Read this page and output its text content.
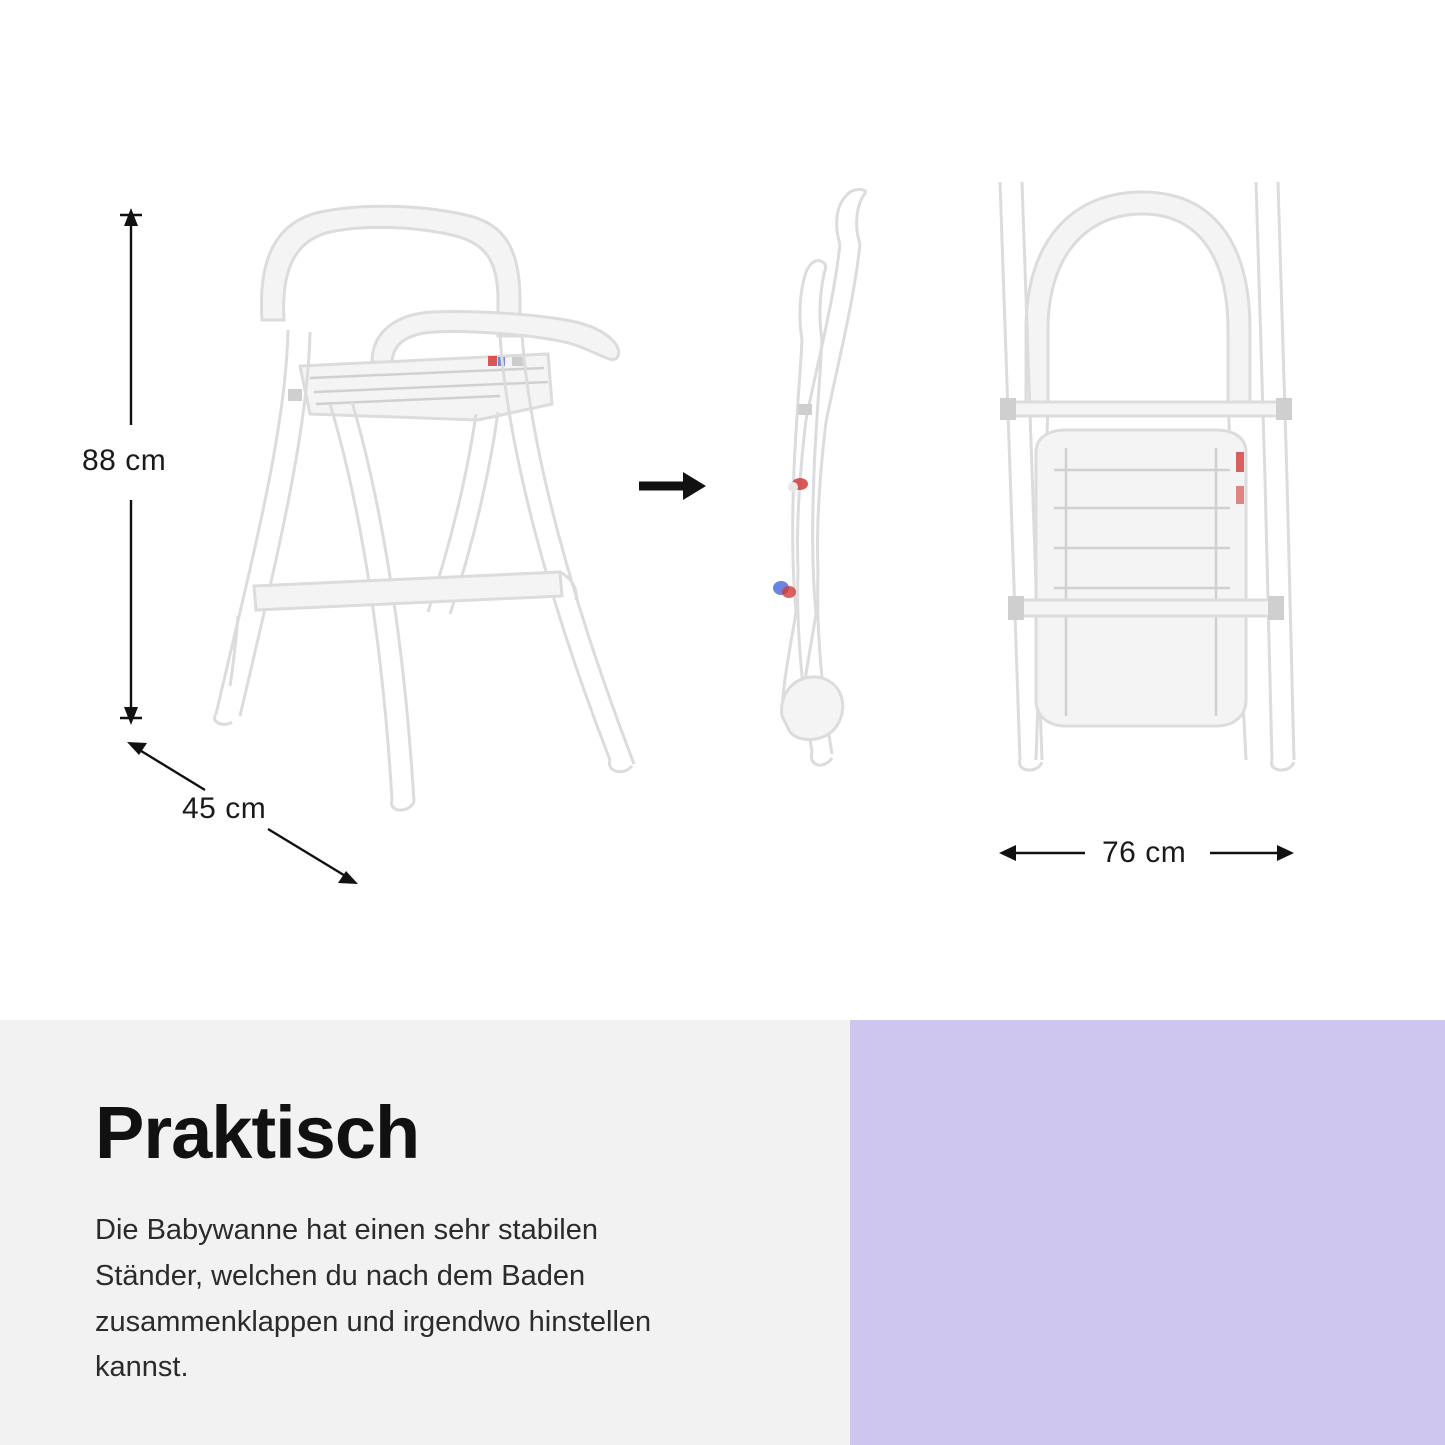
88 cm
45 cm
76 cm
Praktisch

Die Babywanne hat einen sehr stabilen Ständer, welchen du nach dem Baden zusammenklappen und irgendwo hinstellen kannst.
